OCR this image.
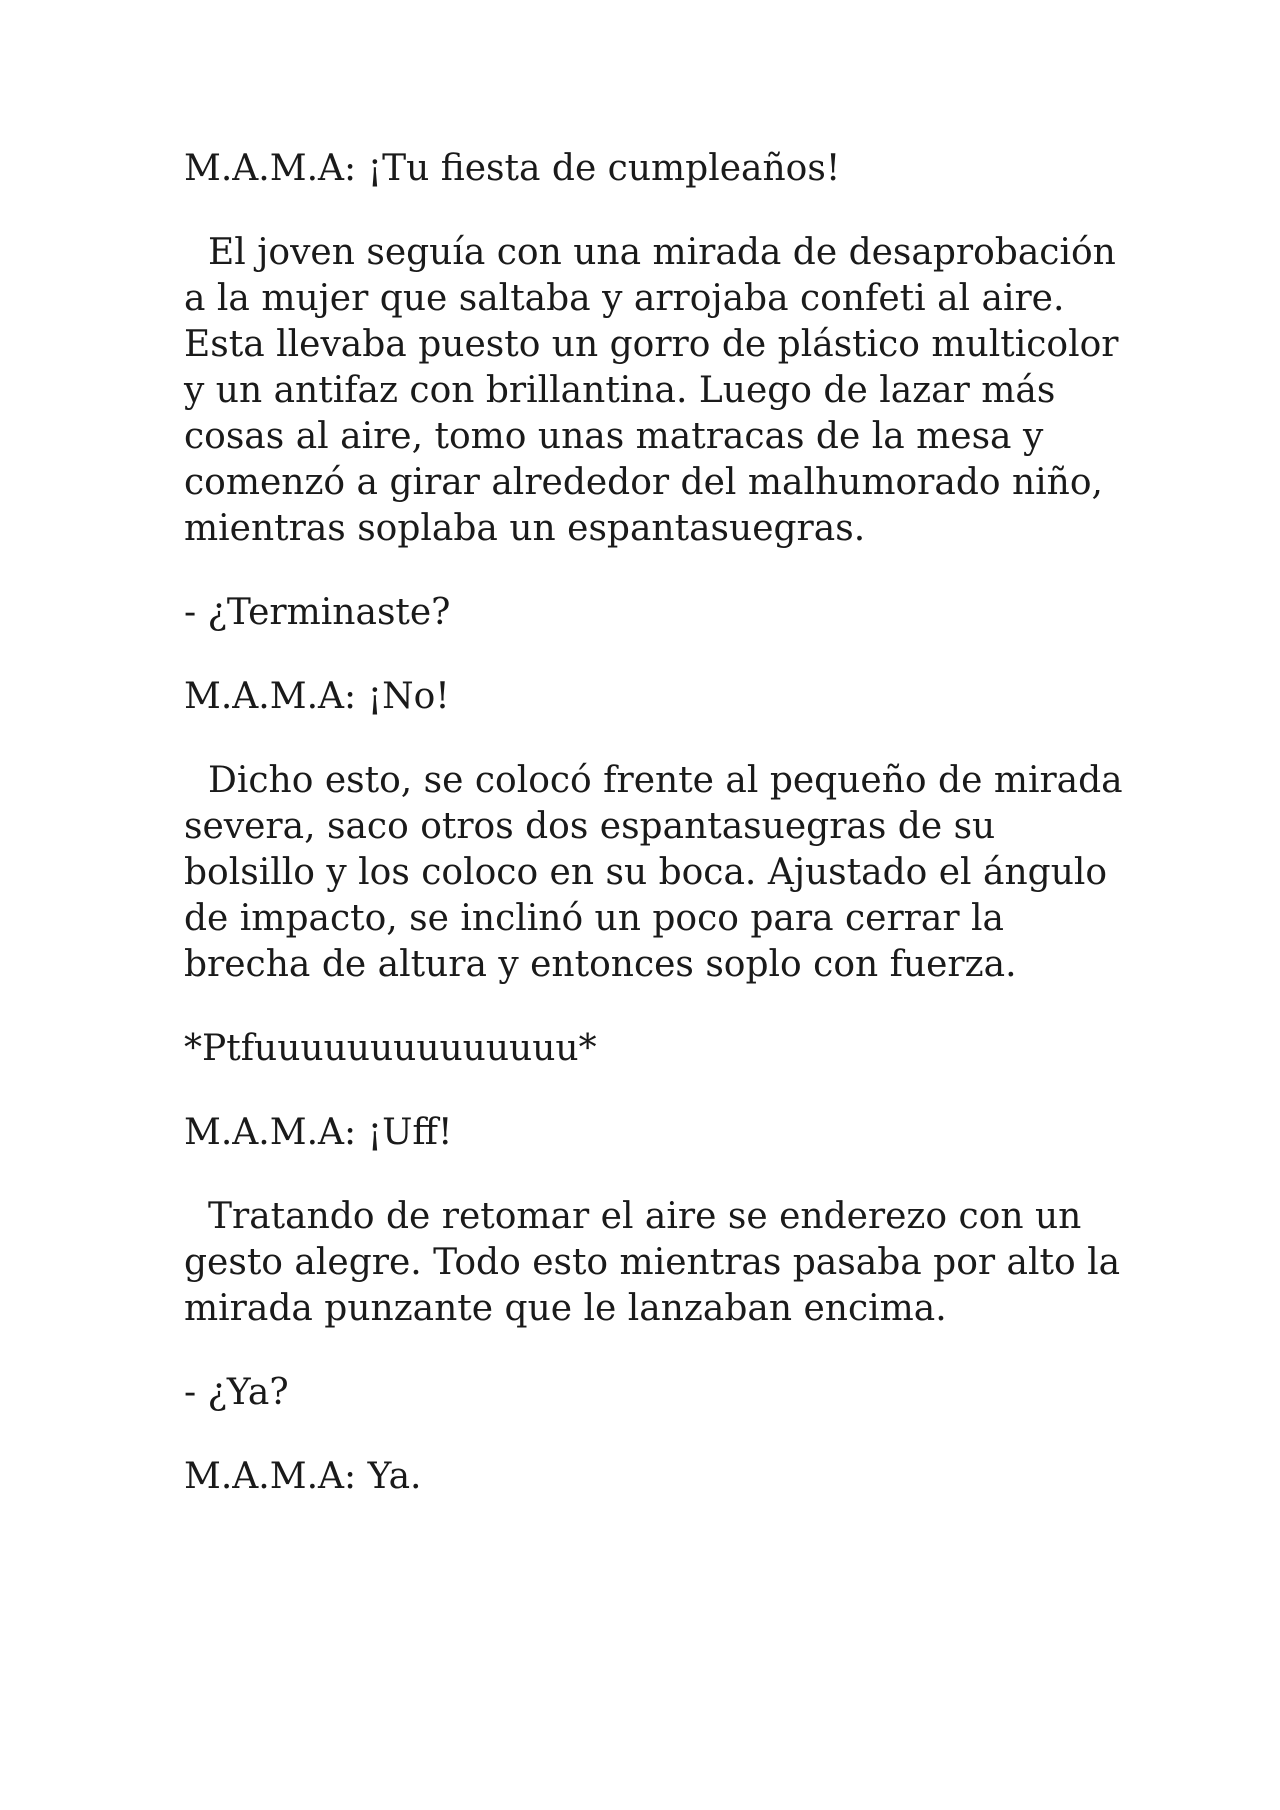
M.A.M.A: ¡Tu fiesta de cumpleaños!

El joven seguía con una mirada de desaprobación a la mujer que saltaba y arrojaba confeti al aire. Esta llevaba puesto un gorro de plástico multicolor y un antifaz con brillantina. Luego de lazar más cosas al aire, tomo unas matracas de la mesa y comenzó a girar alrededor del malhumorado niño, mientras soplaba un espantasuegras.

- ¿Terminaste?

M.A.M.A: ¡No!

Dicho esto, se colocó frente al pequeño de mirada severa, saco otros dos espantasuegras de su bolsillo y los coloco en su boca. Ajustado el ángulo de impacto, se inclinó un poco para cerrar la brecha de altura y entonces soplo con fuerza.

*Ptfuuuuuuuuuuuuuu*

M.A.M.A: ¡Uff!

Tratando de retomar el aire se enderezo con un gesto alegre. Todo esto mientras pasaba por alto la mirada punzante que le lanzaban encima.

- ¿Ya?

M.A.M.A: Ya.
